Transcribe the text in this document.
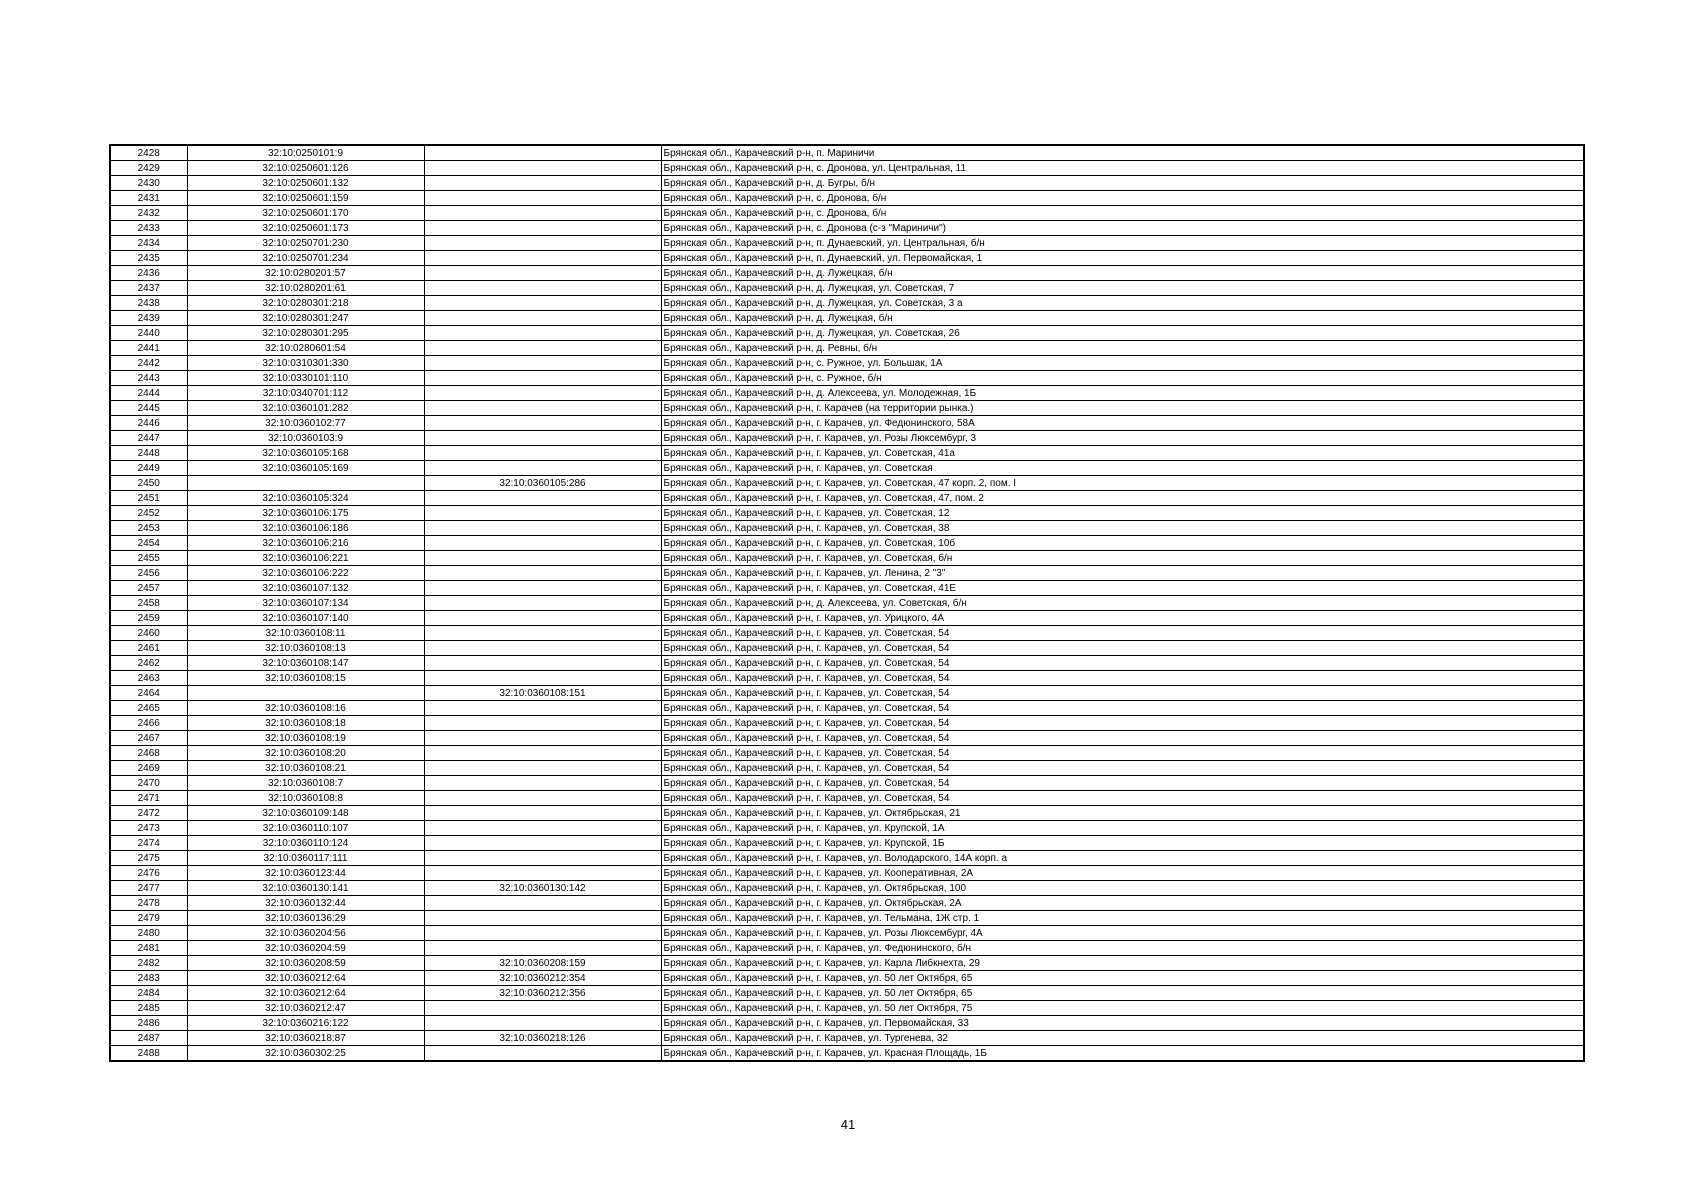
2428	32:10:0250101:9		Брянская обл., Карачевский р-н, п. Мариничи
2429	32:10:0250601:126		Брянская обл., Карачевский р-н, с. Дронова, ул. Центральная, 11
2430	32:10:0250601:132		Брянская обл., Карачевский р-н, д. Бугры, б/н
2431	32:10:0250601:159		Брянская обл., Карачевский р-н, с. Дронова, б/н
2432	32:10:0250601:170		Брянская обл., Карачевский р-н, с. Дронова, б/н
2433	32:10:0250601:173		Брянская обл., Карачевский р-н, с. Дронова (с-з "Мариничи")
2434	32:10:0250701:230		Брянская обл., Карачевский р-н, п. Дунаевский, ул. Центральная, б/н
2435	32:10:0250701:234		Брянская обл., Карачевский р-н, п. Дунаевский, ул. Первомайская, 1
2436	32:10:0280201:57		Брянская обл., Карачевский р-н, д. Лужецкая, б/н
2437	32:10:0280201:61		Брянская обл., Карачевский р-н, д. Лужецкая, ул. Советская, 7
2438	32:10:0280301:218		Брянская обл., Карачевский р-н, д. Лужецкая, ул. Советская, 3 а
2439	32:10:0280301:247		Брянская обл., Карачевский р-н, д. Лужецкая, б/н
2440	32:10:0280301:295		Брянская обл., Карачевский р-н, д. Лужецкая, ул. Советская, 26
2441	32:10:0280601:54		Брянская обл., Карачевский р-н, д. Ревны, б/н
2442	32:10:0310301:330		Брянская обл., Карачевский р-н, с. Ружное, ул. Большак, 1А
2443	32:10:0330101:110		Брянская обл., Карачевский р-н, с. Ружное, б/н
2444	32:10:0340701:112		Брянская обл., Карачевский р-н, д. Алексеева, ул. Молодежная, 1Б
2445	32:10:0360101:282		Брянская обл., Карачевский р-н, г. Карачев (на территории рынка.)
2446	32:10:0360102:77		Брянская обл., Карачевский р-н, г. Карачев, ул. Федюнинского, 58А
2447	32:10:0360103:9		Брянская обл., Карачевский р-н, г. Карачев, ул. Розы Люксембург, 3
2448	32:10:0360105:168		Брянская обл., Карачевский р-н, г. Карачев, ул. Советская, 41а
2449	32:10:0360105:169		Брянская обл., Карачевский р-н, г. Карачев, ул. Советская
2450		32:10:0360105:286	Брянская обл., Карачевский р-н, г. Карачев, ул. Советская, 47 корп. 2, пом. I
2451	32:10:0360105:324		Брянская обл., Карачевский р-н, г. Карачев, ул. Советская, 47, пом. 2
2452	32:10:0360106:175		Брянская обл., Карачевский р-н, г. Карачев, ул. Советская, 12
2453	32:10:0360106:186		Брянская обл., Карачевский р-н, г. Карачев, ул. Советская, 38
2454	32:10:0360106:216		Брянская обл., Карачевский р-н, г. Карачев, ул. Советская, 10б
2455	32:10:0360106:221		Брянская обл., Карачевский р-н, г. Карачев, ул. Советская, б/н
2456	32:10:0360106:222		Брянская обл., Карачевский р-н, г. Карачев, ул. Ленина, 2 "3"
2457	32:10:0360107:132		Брянская обл., Карачевский р-н, г. Карачев, ул. Советская, 41Е
2458	32:10:0360107:134		Брянская обл., Карачевский р-н, д. Алексеева, ул. Советская, б/н
2459	32:10:0360107:140		Брянская обл., Карачевский р-н, г. Карачев, ул. Урицкого, 4А
2460	32:10:0360108:11		Брянская обл., Карачевский р-н, г. Карачев, ул. Советская, 54
2461	32:10:0360108:13		Брянская обл., Карачевский р-н, г. Карачев, ул. Советская, 54
2462	32:10:0360108:147		Брянская обл., Карачевский р-н, г. Карачев, ул. Советская, 54
2463	32:10:0360108:15		Брянская обл., Карачевский р-н, г. Карачев, ул. Советская, 54
2464		32:10:0360108:151	Брянская обл., Карачевский р-н, г. Карачев, ул. Советская, 54
2465	32:10:0360108:16		Брянская обл., Карачевский р-н, г. Карачев, ул. Советская, 54
2466	32:10:0360108:18		Брянская обл., Карачевский р-н, г. Карачев, ул. Советская, 54
2467	32:10:0360108:19		Брянская обл., Карачевский р-н, г. Карачев, ул. Советская, 54
2468	32:10:0360108:20		Брянская обл., Карачевский р-н, г. Карачев, ул. Советская, 54
2469	32:10:0360108:21		Брянская обл., Карачевский р-н, г. Карачев, ул. Советская, 54
2470	32:10:0360108:7		Брянская обл., Карачевский р-н, г. Карачев, ул. Советская, 54
2471	32:10:0360108:8		Брянская обл., Карачевский р-н, г. Карачев, ул. Советская, 54
2472	32:10:0360109:148		Брянская обл., Карачевский р-н, г. Карачев, ул. Октябрьская, 21
2473	32:10:0360110:107		Брянская обл., Карачевский р-н, г. Карачев, ул. Крупской, 1А
2474	32:10:0360110:124		Брянская обл., Карачевский р-н, г. Карачев, ул. Крупской, 1Б
2475	32:10:0360117:111		Брянская обл., Карачевский р-н, г. Карачев, ул. Володарского, 14А корп. а
2476	32:10:0360123:44		Брянская обл., Карачевский р-н, г. Карачев, ул. Кооперативная, 2А
2477	32:10:0360130:141	32:10:0360130:142	Брянская обл., Карачевский р-н, г. Карачев, ул. Октябрьская, 100
2478	32:10:0360132:44		Брянская обл., Карачевский р-н, г. Карачев, ул. Октябрьская, 2А
2479	32:10:0360136:29		Брянская обл., Карачевский р-н, г. Карачев, ул. Тельмана, 1Ж стр. 1
2480	32:10:0360204:56		Брянская обл., Карачевский р-н, г. Карачев, ул. Розы Люксембург, 4А
2481	32:10:0360204:59		Брянская обл., Карачевский р-н, г. Карачев, ул. Федюнинского, б/н
2482	32:10:0360208:59	32:10:0360208:159	Брянская обл., Карачевский р-н, г. Карачев, ул. Карла Либкнехта, 29
2483	32:10:0360212:64	32:10:0360212:354	Брянская обл., Карачевский р-н, г. Карачев, ул. 50 лет Октября, 65
2484	32:10:0360212:64	32:10:0360212:356	Брянская обл., Карачевский р-н, г. Карачев, ул. 50 лет Октября, 65
2485	32:10:0360212:47		Брянская обл., Карачевский р-н, г. Карачев, ул. 50 лет Октября, 75
2486	32:10:0360216:122		Брянская обл., Карачевский р-н, г. Карачев, ул. Первомайская, 33
2487	32:10:0360218:87	32:10:0360218:126	Брянская обл., Карачевский р-н, г. Карачев, ул. Тургенева, 32
2488	32:10:0360302:25		Брянская обл., Карачевский р-н, г. Карачев, ул. Красная Площадь, 1Б
41
